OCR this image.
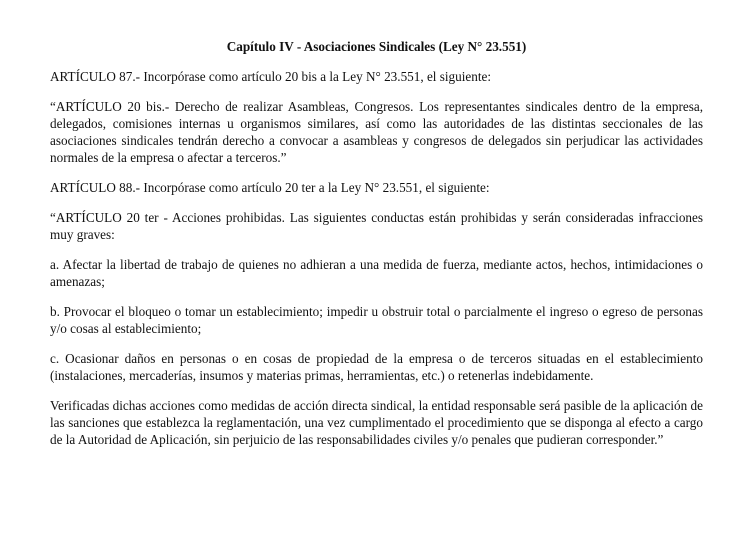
Capítulo IV - Asociaciones Sindicales (Ley N° 23.551)

ARTÍCULO 87.- Incorpórase como artículo 20 bis a la Ley N° 23.551, el siguiente:

“ARTÍCULO 20 bis.- Derecho de realizar Asambleas, Congresos. Los representantes sindicales dentro de la empresa, delegados, comisiones internas u organismos similares, así como las autoridades de las distintas seccionales de las asociaciones sindicales tendrán derecho a convocar a asambleas y congresos de delegados sin perjudicar las actividades normales de la empresa o afectar a terceros.”

ARTÍCULO 88.- Incorpórase como artículo 20 ter a la Ley N° 23.551, el siguiente:

“ARTÍCULO 20 ter - Acciones prohibidas. Las siguientes conductas están prohibidas y serán consideradas infracciones muy graves:

a. Afectar la libertad de trabajo de quienes no adhieran a una medida de fuerza, mediante actos, hechos, intimidaciones o amenazas;

b. Provocar el bloqueo o tomar un establecimiento; impedir u obstruir total o parcialmente el ingreso o egreso de personas y/o cosas al establecimiento;

c. Ocasionar daños en personas o en cosas de propiedad de la empresa o de terceros situadas en el establecimiento (instalaciones, mercaderías, insumos y materias primas, herramientas, etc.) o retenerlas indebidamente.

Verificadas dichas acciones como medidas de acción directa sindical, la entidad responsable será pasible de la aplicación de las sanciones que establezca la reglamentación, una vez cumplimentado el procedimiento que se disponga al efecto a cargo de la Autoridad de Aplicación, sin perjuicio de las responsabilidades civiles y/o penales que pudieran corresponder.”
